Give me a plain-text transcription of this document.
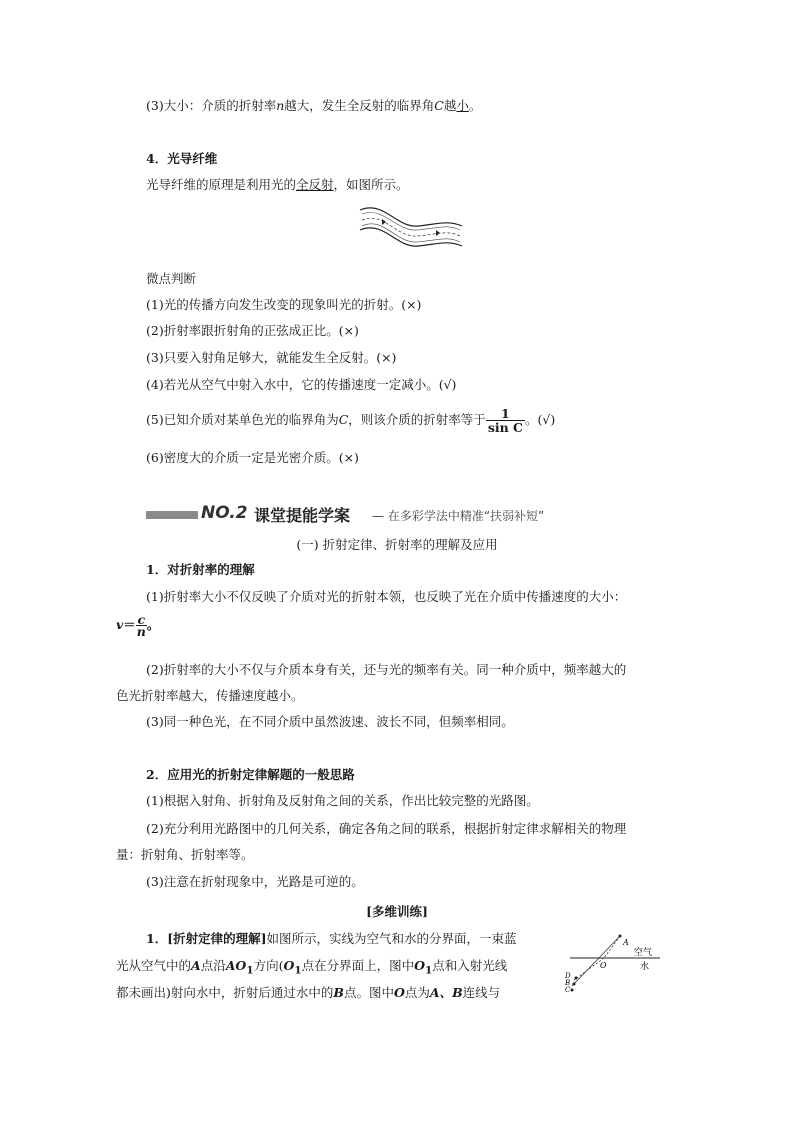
(3)大小：介质的折射率n越大，发生全反射的临界角C越小。
4．光导纤维
光导纤维的原理是利用光的全反射，如图所示。
微点判断
(1)光的传播方向发生改变的现象叫光的折射。(×)
(2)折射率跟折射角的正弦成正比。(×)
(3)只要入射角足够大，就能发生全反射。(×)
(4)若光从空气中射入水中，它的传播速度一定减小。(√)
(5)已知介质对某单色光的临界角为C，则该介质的折射率等于 $\frac{1}{\text{sin C}}$ 。(√)
(6)密度大的介质一定是光密介质。(×)
NO.2 课堂提能学案 — 在多彩学法中精准“扶弱补短”
(一) 折射定律、折射率的理解及应用
1．对折射率的理解
(1)折射率大小不仅反映了介质对光的折射本领，也反映了光在介质中传播速度的大小：
$v= \frac{c}{n}$ 。
(2)折射率的大小不仅与介质本身有关，还与光的频率有关。同一种介质中，频率越大的
色光折射率越大，传播速度越小。
(3)同一种色光，在不同介质中虽然波速、波长不同，但频率相同。
2．应用光的折射定律解题的一般思路
(1)根据入射角、折射角及反射角之间的关系，作出比较完整的光路图。
(2)充分利用光路图中的几何关系，确定各角之间的联系，根据折射定律求解相关的物理
量：折射角、折射率等。
(3)注意在折射现象中，光路是可逆的。
[多维训练]
1．[折射定律的理解]如图所示，实线为空气和水的分界面，一束蓝
光从空气中的A点沿$AO_1$方向($O_1$点在分界面上，图中$O_1$点和入射光线
都未画出)射向水中，折射后通过水中的B点。图中O点为A、B连线与
A
O
D
B
C
空气
水
